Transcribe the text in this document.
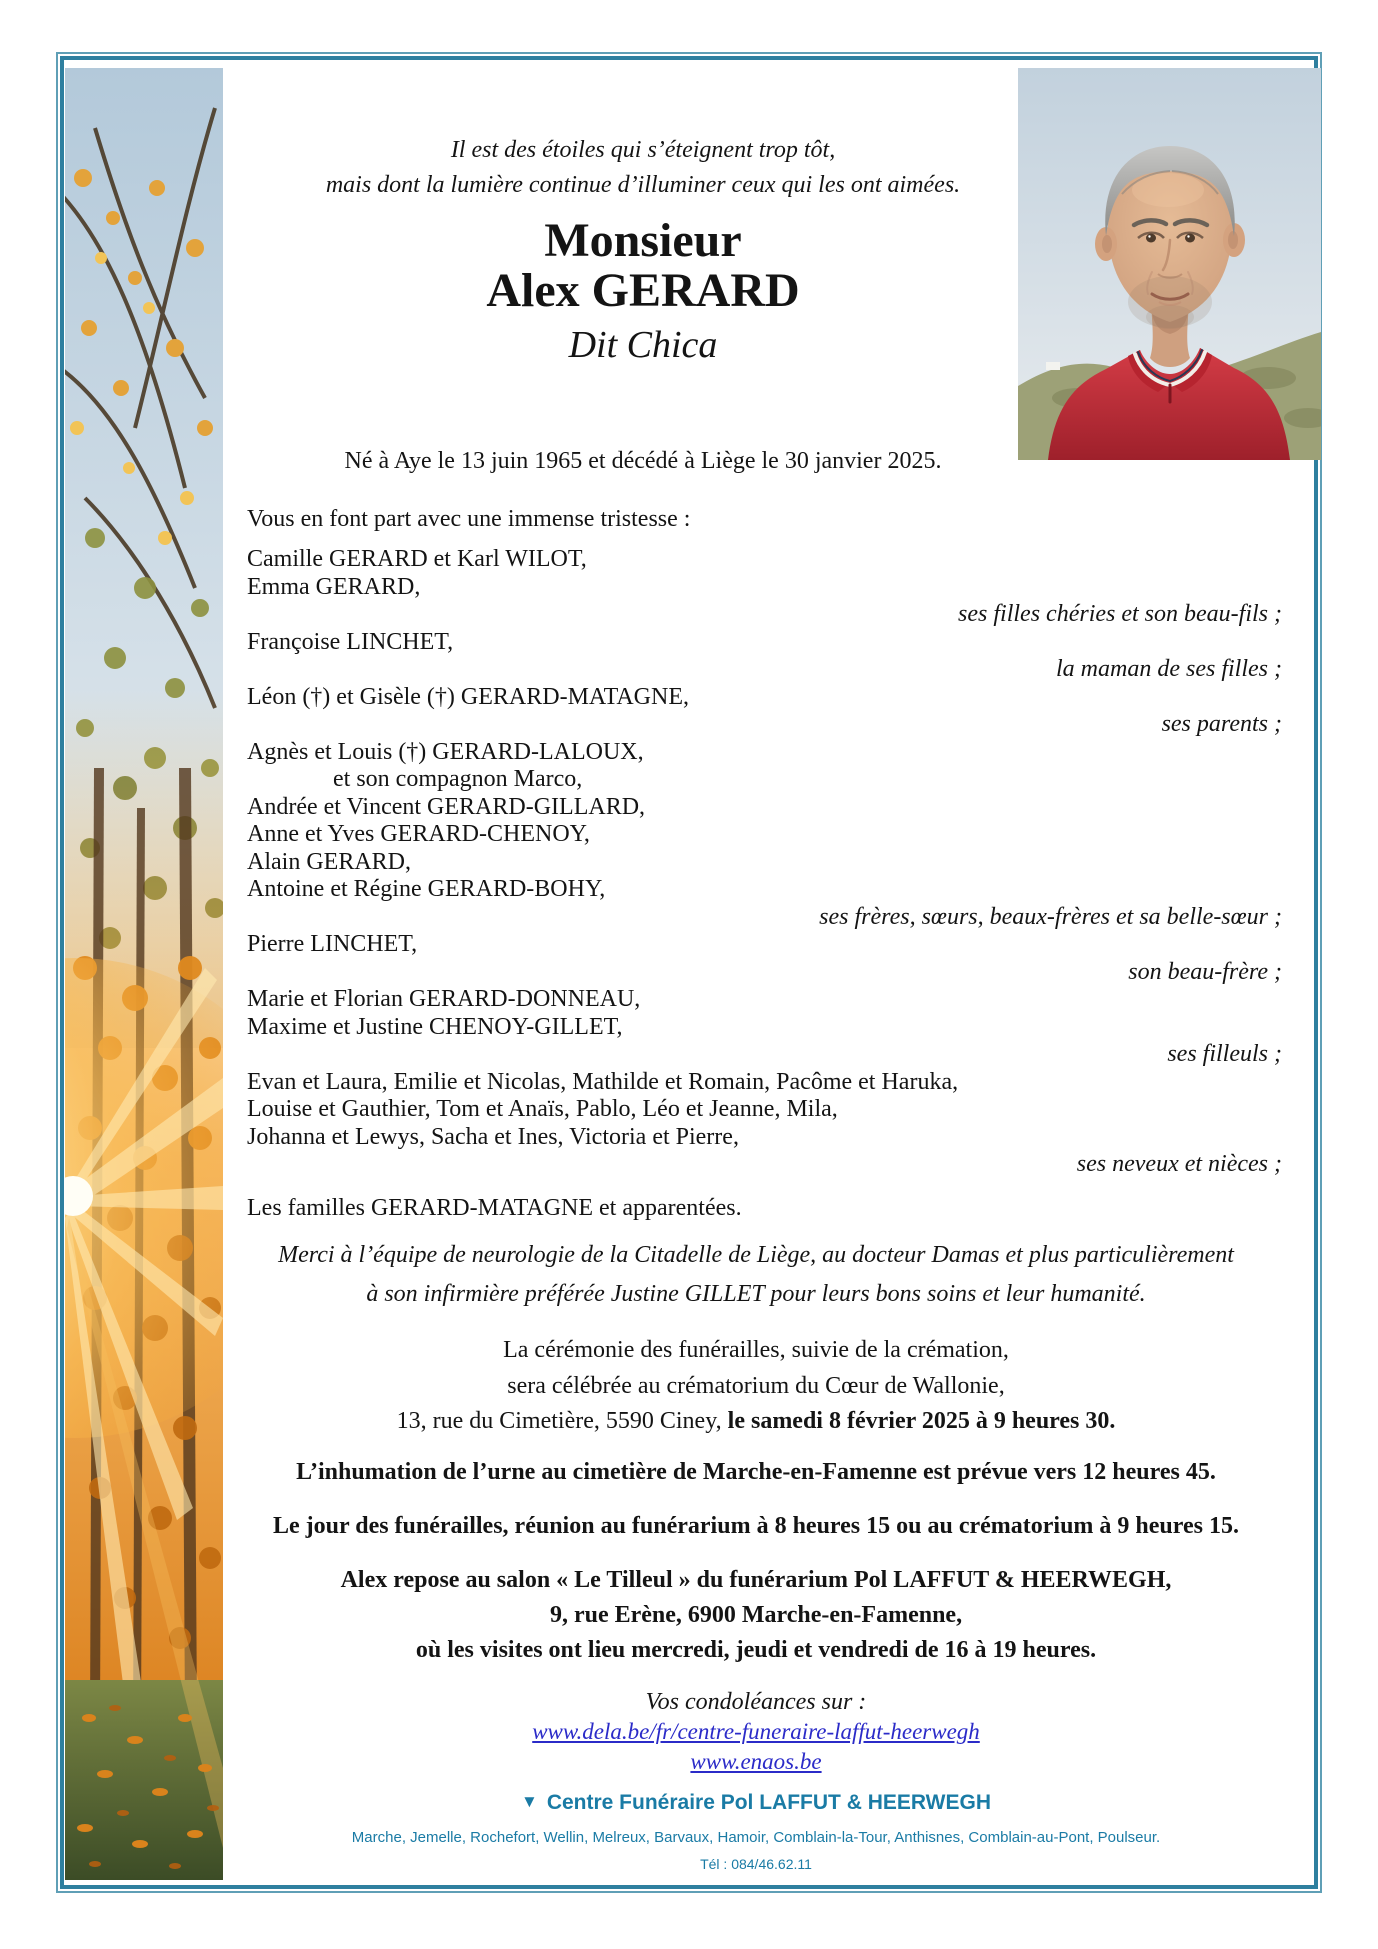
Il est des étoiles qui s’éteignent trop tôt,
mais dont la lumière continue d’illuminer ceux qui les ont aimées.
Monsieur
Alex GERARD
Dit Chica
Né à Aye le 13 juin 1965 et décédé à Liège le 30 janvier 2025.
Vous en font part avec une immense tristesse :
Camille GERARD et Karl WILOT,
Emma GERARD,
ses filles chéries et son beau-fils ;
Françoise LINCHET,
la maman de ses filles ;
Léon (†) et Gisèle (†) GERARD-MATAGNE,
ses parents ;
Agnès et Louis (†) GERARD-LALOUX,
et son compagnon Marco,
Andrée et Vincent GERARD-GILLARD,
Anne et Yves GERARD-CHENOY,
Alain GERARD,
Antoine et Régine GERARD-BOHY,
ses frères, sœurs, beaux-frères et sa belle-sœur ;
Pierre LINCHET,
son beau-frère ;
Marie et Florian GERARD-DONNEAU,
Maxime et Justine CHENOY-GILLET,
ses filleuls ;
Evan et Laura, Emilie et Nicolas, Mathilde et Romain, Pacôme et Haruka,
Louise et Gauthier, Tom et Anaïs, Pablo, Léo et Jeanne, Mila,
Johanna et Lewys, Sacha et Ines, Victoria et Pierre,
ses neveux et nièces ;
Les familles GERARD-MATAGNE et apparentées.
Merci à l’équipe de neurologie de la Citadelle de Liège, au docteur Damas et plus particulièrement
à son infirmière préférée Justine GILLET pour leurs bons soins et leur humanité.
La cérémonie des funérailles, suivie de la crémation,
sera célébrée au crématorium du Cœur de Wallonie,
13, rue du Cimetière, 5590 Ciney, le samedi 8 février 2025 à 9 heures 30.
L’inhumation de l’urne au cimetière de Marche-en-Famenne est prévue vers 12 heures 45.
Le jour des funérailles, réunion au funérarium à 8 heures 15 ou au crématorium à 9 heures 15.
Alex repose au salon « Le Tilleul » du funérarium Pol LAFFUT & HEERWEGH,
9, rue Erène, 6900 Marche-en-Famenne,
où les visites ont lieu mercredi, jeudi et vendredi de 16 à 19 heures.
Vos condoléances sur :
www.dela.be/fr/centre-funeraire-laffut-heerwegh
www.enaos.be
▼ Centre Funéraire Pol LAFFUT & HEERWEGH
Marche, Jemelle, Rochefort, Wellin, Melreux, Barvaux, Hamoir, Comblain-la-Tour, Anthisnes, Comblain-au-Pont, Poulseur.
Tél : 084/46.62.11
